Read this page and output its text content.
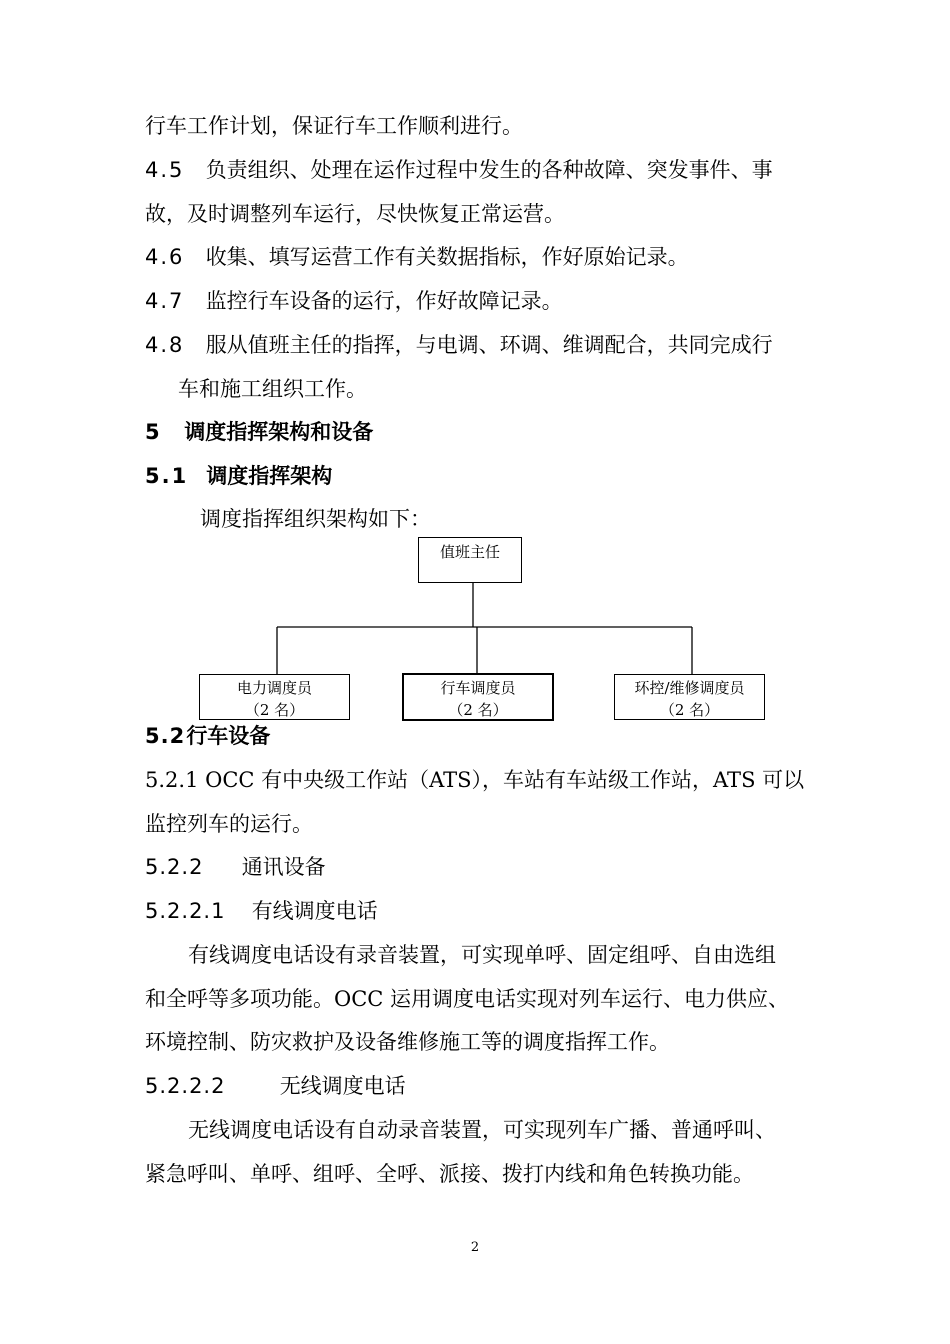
行车工作计划，保证行车工作顺利进行。
4.5 负责组织、处理在运作过程中发生的各种故障、突发事件、事
故，及时调整列车运行，尽快恢复正常运营。
4.6 收集、填写运营工作有关数据指标，作好原始记录。
4.7 监控行车设备的运行，作好故障记录。
4.8 服从值班主任的指挥，与电调、环调、维调配合，共同完成行
车和施工组织工作。
5 调度指挥架构和设备
5.1 调度指挥架构
调度指挥组织架构如下：
值班主任
电力调度员
（2 名）
行车调度员
（2 名）
环控/维修调度员
（2 名）
5.2 行车设备
5.2.1 OCC 有中央级工作站（ATS），车站有车站级工作站，ATS 可以
监控列车的运行。
5.2.2 通讯设备
5.2.2.1 有线调度电话
有线调度电话设有录音装置，可实现单呼、固定组呼、自由选组
和全呼等多项功能。OCC 运用调度电话实现对列车运行、电力供应、
环境控制、防灾救护及设备维修施工等的调度指挥工作。
5.2.2.2	无线调度电话
无线调度电话设有自动录音装置，可实现列车广播、普通呼叫、
紧急呼叫、单呼、组呼、全呼、派接、拨打内线和角色转换功能。
2
